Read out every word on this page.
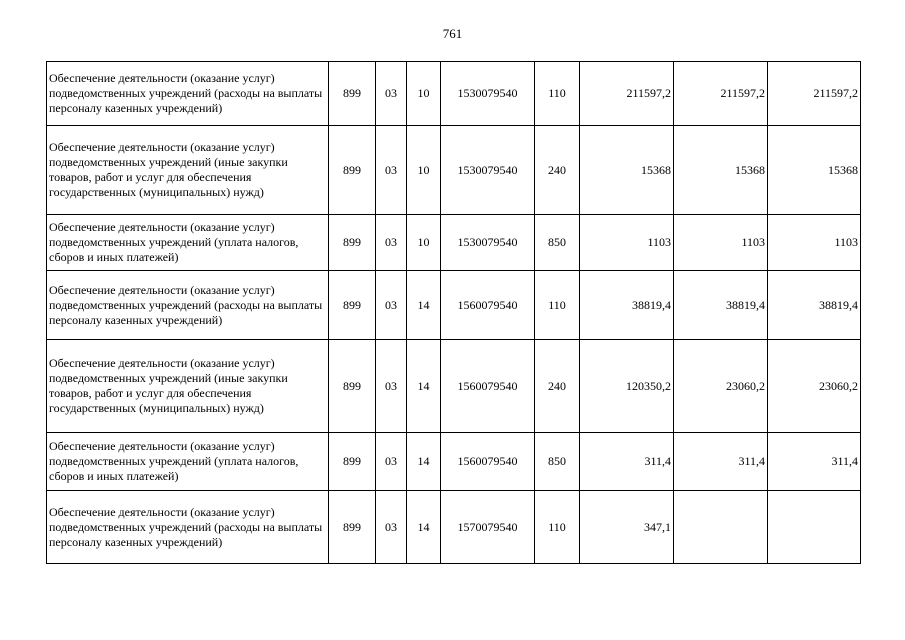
761
Обеспечение деятельности (оказание услуг) подведомственных учреждений (расходы на выплаты персоналу казенных учреждений)	899	03	10	1530079540	110	211597,2	211597,2	211597,2
Обеспечение деятельности (оказание услуг) подведомственных учреждений (иные закупки товаров, работ и услуг для обеспечения государственных (муниципальных) нужд)	899	03	10	1530079540	240	15368	15368	15368
Обеспечение деятельности (оказание услуг) подведомственных учреждений (уплата налогов, сборов и иных платежей)	899	03	10	1530079540	850	1103	1103	1103
Обеспечение деятельности (оказание услуг) подведомственных учреждений (расходы на выплаты персоналу казенных учреждений)	899	03	14	1560079540	110	38819,4	38819,4	38819,4
Обеспечение деятельности (оказание услуг) подведомственных учреждений (иные закупки товаров, работ и услуг для обеспечения государственных (муниципальных) нужд)	899	03	14	1560079540	240	120350,2	23060,2	23060,2
Обеспечение деятельности (оказание услуг) подведомственных учреждений (уплата налогов, сборов и иных платежей)	899	03	14	1560079540	850	311,4	311,4	311,4
Обеспечение деятельности (оказание услуг) подведомственных учреждений (расходы на выплаты персоналу казенных учреждений)	899	03	14	1570079540	110	347,1		
